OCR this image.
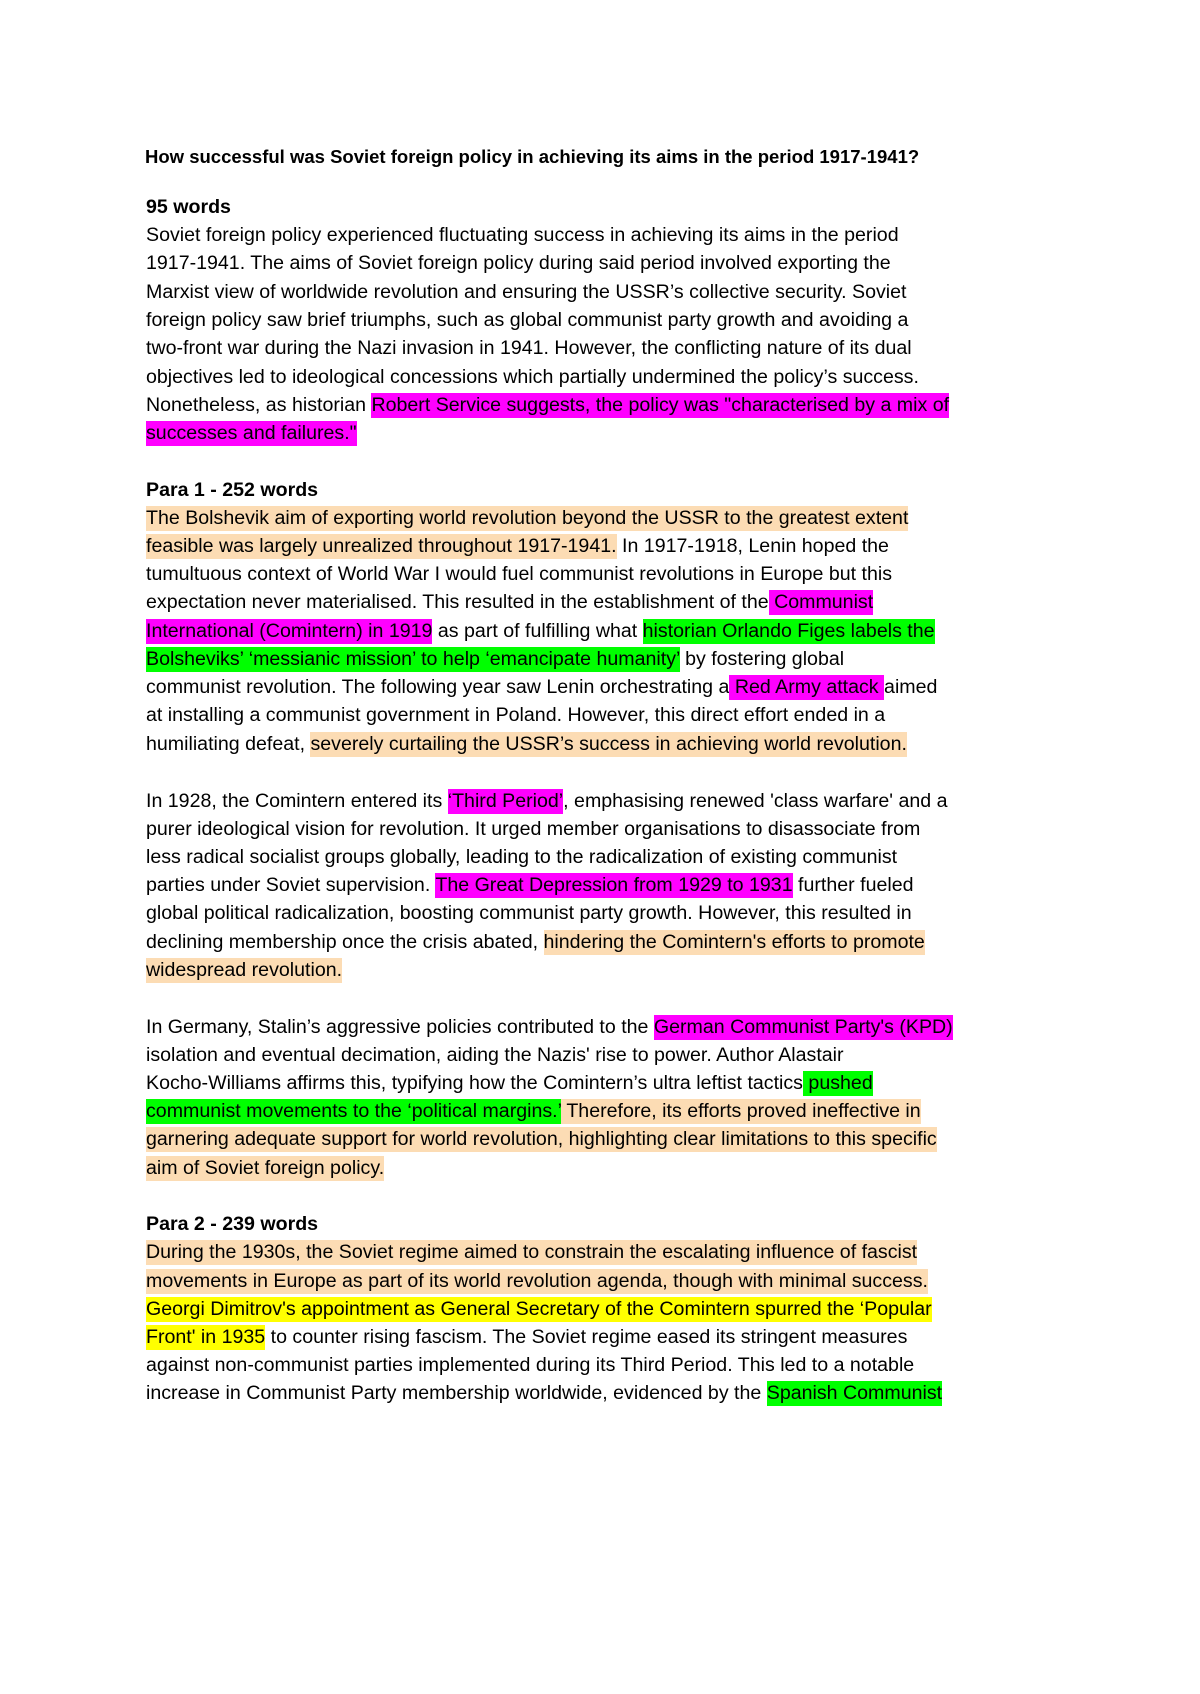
How successful was Soviet foreign policy in achieving its aims in the period 1917-1941?
95 words
Soviet foreign policy experienced fluctuating success in achieving its aims in the period
1917-1941. The aims of Soviet foreign policy during said period involved exporting the
Marxist view of worldwide revolution and ensuring the USSR’s collective security. Soviet
foreign policy saw brief triumphs, such as global communist party growth and avoiding a
two-front war during the Nazi invasion in 1941. However, the conflicting nature of its dual
objectives led to ideological concessions which partially undermined the policy’s success.
Nonetheless, as historian Robert Service suggests, the policy was "characterised by a mix of
successes and failures."
Para 1 - 252 words
The Bolshevik aim of exporting world revolution beyond the USSR to the greatest extent
feasible was largely unrealized throughout 1917-1941. In 1917-1918, Lenin hoped the
tumultuous context of World War I would fuel communist revolutions in Europe but this
expectation never materialised. This resulted in the establishment of the Communist
International (Comintern) in 1919 as part of fulfilling what historian Orlando Figes labels the
Bolsheviks’ ‘messianic mission’ to help ‘emancipate humanity’ by fostering global
communist revolution. The following year saw Lenin orchestrating a Red Army attack aimed
at installing a communist government in Poland. However, this direct effort ended in a
humiliating defeat, severely curtailing the USSR’s success in achieving world revolution.
In 1928, the Comintern entered its ‘Third Period’, emphasising renewed 'class warfare' and a
purer ideological vision for revolution. It urged member organisations to disassociate from
less radical socialist groups globally, leading to the radicalization of existing communist
parties under Soviet supervision. The Great Depression from 1929 to 1931 further fueled
global political radicalization, boosting communist party growth. However, this resulted in
declining membership once the crisis abated, hindering the Comintern's efforts to promote
widespread revolution.
In Germany, Stalin’s aggressive policies contributed to the German Communist Party's (KPD)
isolation and eventual decimation, aiding the Nazis' rise to power. Author Alastair
Kocho-Williams affirms this, typifying how the Comintern’s ultra leftist tactics pushed
communist movements to the ‘political margins.’ Therefore, its efforts proved ineffective in
garnering adequate support for world revolution, highlighting clear limitations to this specific
aim of Soviet foreign policy.
Para 2 - 239 words
During the 1930s, the Soviet regime aimed to constrain the escalating influence of fascist
movements in Europe as part of its world revolution agenda, though with minimal success.
Georgi Dimitrov's appointment as General Secretary of the Comintern spurred the ‘Popular
Front' in 1935 to counter rising fascism. The Soviet regime eased its stringent measures
against non-communist parties implemented during its Third Period. This led to a notable
increase in Communist Party membership worldwide, evidenced by the Spanish Communist
